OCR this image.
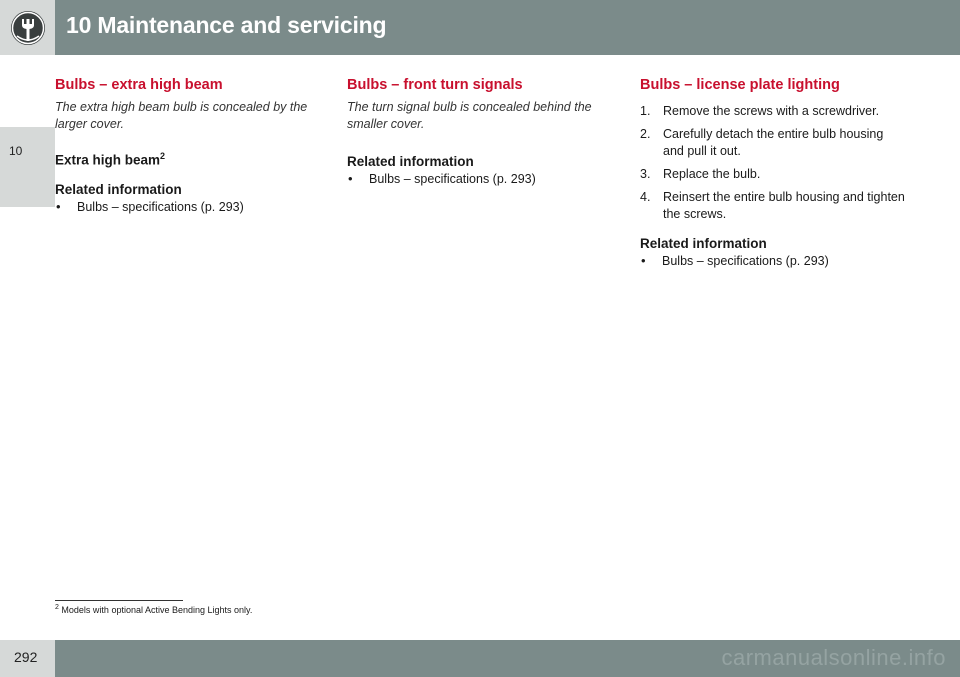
10 Maintenance and servicing
10
Bulbs – extra high beam

The extra high beam bulb is concealed by the larger cover.

Extra high beam$^2$
Related information
• Bulbs – specifications (p. 293)
Bulbs – front turn signals

The turn signal bulb is concealed behind the smaller cover.

Related information
• Bulbs – specifications (p. 293)
Bulbs – license plate lighting
1. Remove the screws with a screwdriver.
2. Carefully detach the entire bulb housing and pull it out.
3. Replace the bulb.
4. Reinsert the entire bulb housing and tighten the screws.
Related information
• Bulbs – specifications (p. 293)
$^2$ Models with optional Active Bending Lights only.
292	carmanualsonline.info
